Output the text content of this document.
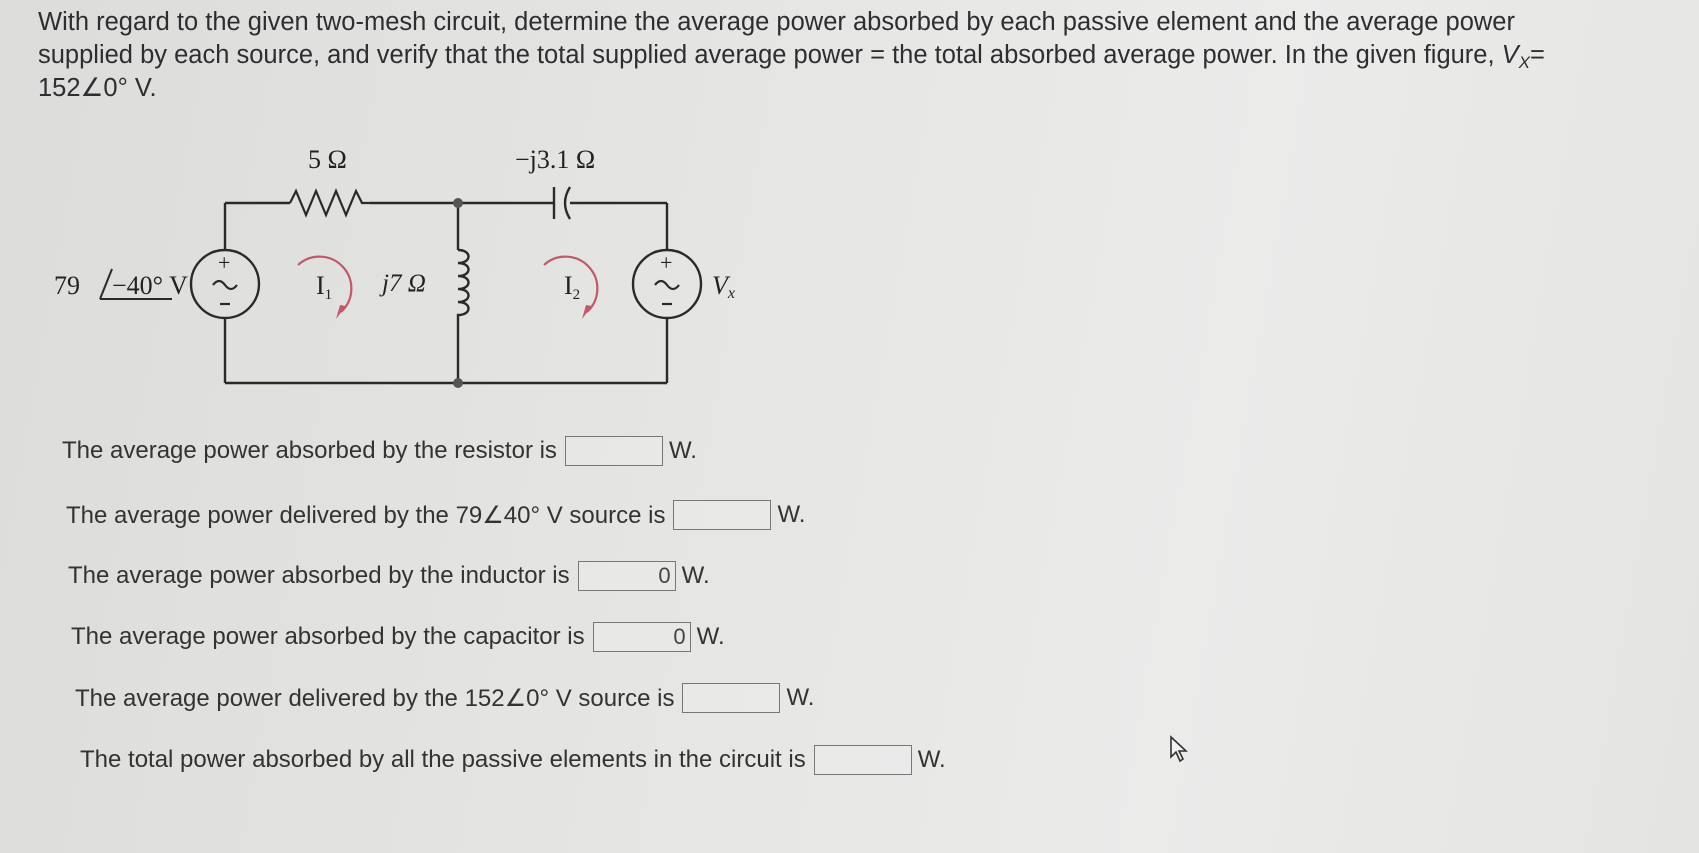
With regard to the given two-mesh circuit, determine the average power absorbed by each passive element and the average power
supplied by each source, and verify that the total supplied average power = the total absorbed average power. In the given figure, $V_X=$
152∠0° V.
5 Ω	−j3.1 Ω
j7 Ω
+
79 −40° V
+
Vx
I1	I2
The average power absorbed by the resistor is	W.
The average power delivered by the 79∠40° V source is	W.
The average power absorbed by the inductor is	0 W.
The average power absorbed by the capacitor is	0 W.
The average power delivered by the 152∠0° V source is	W.
The total power absorbed by all the passive elements in the circuit is	W.
